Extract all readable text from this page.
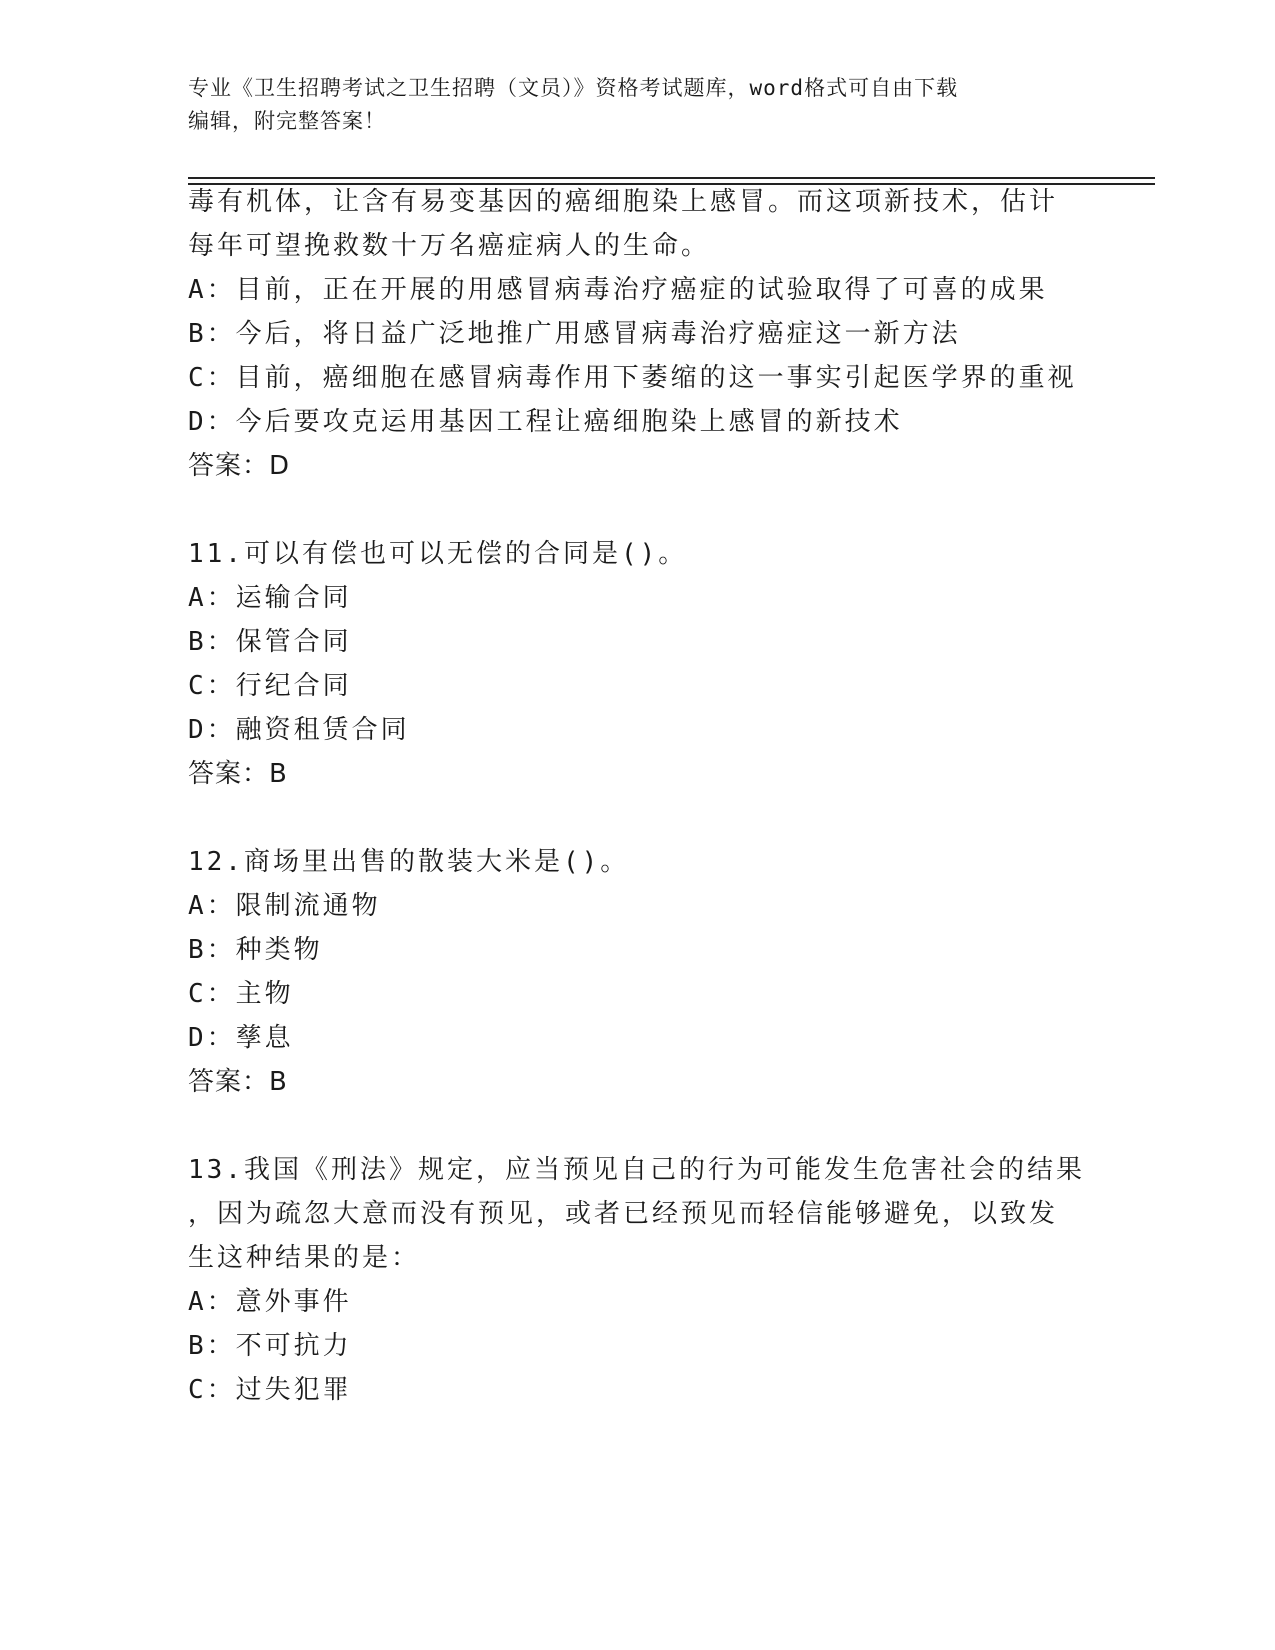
专业《卫生招聘考试之卫生招聘（文员）》资格考试题库，word格式可自由下载
编辑，附完整答案！
毒有机体，让含有易变基因的癌细胞染上感冒。而这项新技术，估计
每年可望挽救数十万名癌症病人的生命。
A：目前，正在开展的用感冒病毒治疗癌症的试验取得了可喜的成果
B：今后，将日益广泛地推广用感冒病毒治疗癌症这一新方法
C：目前，癌细胞在感冒病毒作用下萎缩的这一事实引起医学界的重视
D：今后要攻克运用基因工程让癌细胞染上感冒的新技术
答案：D
11.可以有偿也可以无偿的合同是()。
A：运输合同
B：保管合同
C：行纪合同
D：融资租赁合同
答案：B
12.商场里出售的散装大米是()。
A：限制流通物
B：种类物
C：主物
D：孳息
答案：B
13.我国《刑法》规定，应当预见自己的行为可能发生危害社会的结果
，因为疏忽大意而没有预见，或者已经预见而轻信能够避免，以致发
生这种结果的是：
A：意外事件
B：不可抗力
C：过失犯罪
